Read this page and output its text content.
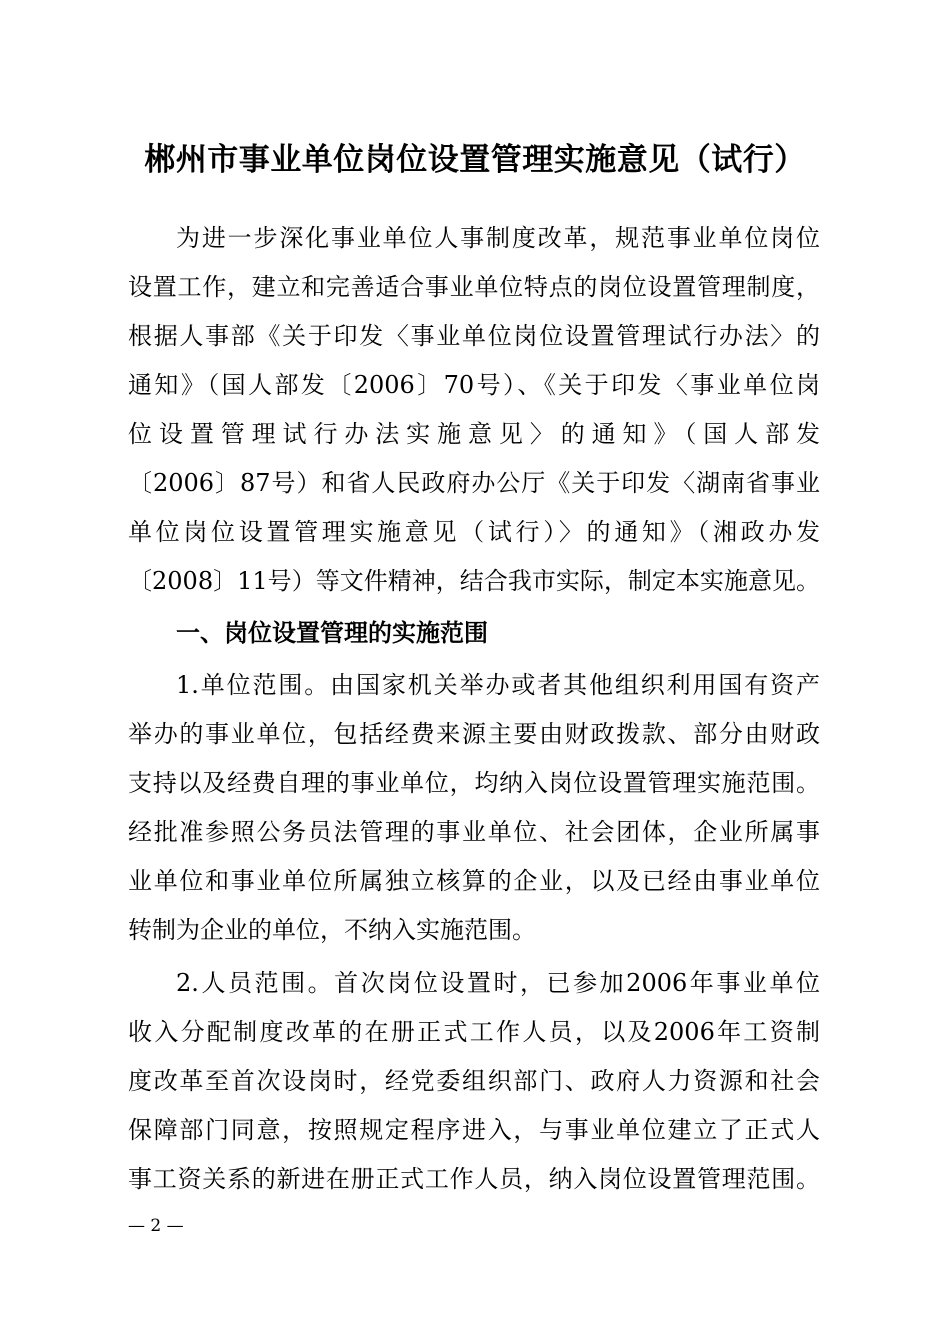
郴州市事业单位岗位设置管理实施意见（试行）
为进一步深化事业单位人事制度改革，规范事业单位岗位
设置工作，建立和完善适合事业单位特点的岗位设置管理制度，
根据人事部《关于印发〈事业单位岗位设置管理试行办法〉的
通知》（国人部发〔2006〕70号）、《关于印发〈事业单位岗
位设置管理试行办法实施意见〉的通知》（国人部发
〔2006〕87号）和省人民政府办公厅《关于印发〈湖南省事业
单位岗位设置管理实施意见（试行）〉的通知》（湘政办发
〔2008〕11号）等文件精神，结合我市实际，制定本实施意见。
一、岗位设置管理的实施范围
1.单位范围。由国家机关举办或者其他组织利用国有资产
举办的事业单位，包括经费来源主要由财政拨款、部分由财政
支持以及经费自理的事业单位，均纳入岗位设置管理实施范围。
经批准参照公务员法管理的事业单位、社会团体，企业所属事
业单位和事业单位所属独立核算的企业，以及已经由事业单位
转制为企业的单位，不纳入实施范围。
2.人员范围。首次岗位设置时，已参加2006年事业单位
收入分配制度改革的在册正式工作人员，以及2006年工资制
度改革至首次设岗时，经党委组织部门、政府人力资源和社会
保障部门同意，按照规定程序进入，与事业单位建立了正式人
事工资关系的新进在册正式工作人员，纳入岗位设置管理范围。
— 2 —
